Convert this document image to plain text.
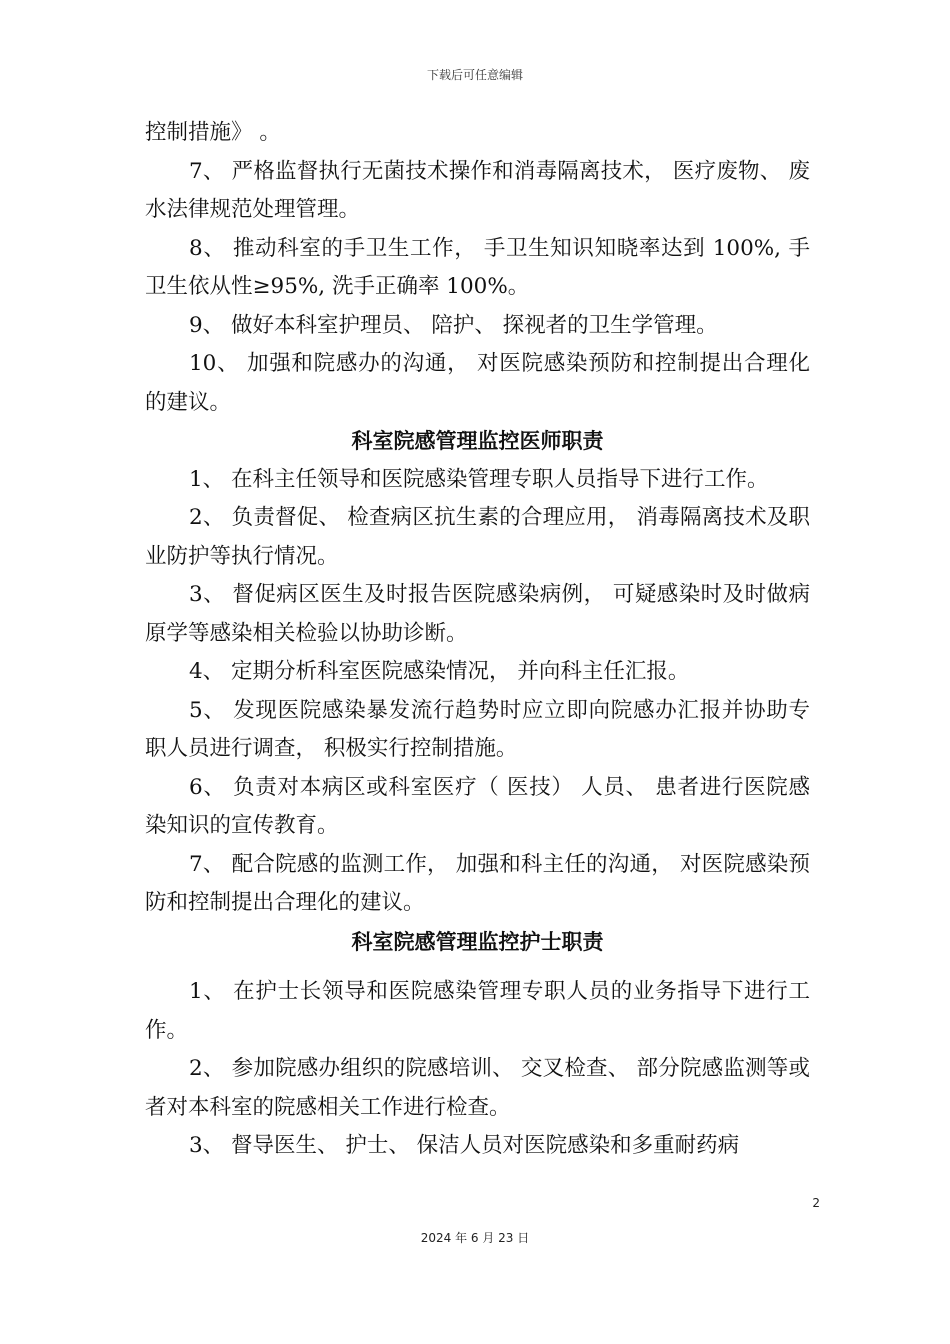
下载后可任意编辑

控制措施》 。

7、 严格监督执行无菌技术操作和消毒隔离技术， 医疗废物、 废水法律规范处理管理。

8、 推动科室的手卫生工作， 手卫生知识知晓率达到 100%, 手卫生依从性≥95%, 洗手正确率 100%。

9、 做好本科室护理员、 陪护、 探视者的卫生学管理。

10、 加强和院感办的沟通， 对医院感染预防和控制提出合理化的建议。

科室院感管理监控医师职责

1、 在科主任领导和医院感染管理专职人员指导下进行工作。

2、 负责督促、 检查病区抗生素的合理应用， 消毒隔离技术及职业防护等执行情况。

3、 督促病区医生及时报告医院感染病例， 可疑感染时及时做病原学等感染相关检验以协助诊断。

4、 定期分析科室医院感染情况， 并向科主任汇报。

5、 发现医院感染暴发流行趋势时应立即向院感办汇报并协助专职人员进行调查， 积极实行控制措施。

6、 负责对本病区或科室医疗（ 医技） 人员、 患者进行医院感染知识的宣传教育。

7、 配合院感的监测工作， 加强和科主任的沟通， 对医院感染预防和控制提出合理化的建议。

科室院感管理监控护士职责

1、 在护士长领导和医院感染管理专职人员的业务指导下进行工作。

2、 参加院感办组织的院感培训、 交叉检查、 部分院感监测等或者对本科室的院感相关工作进行检查。

3、 督导医生、 护士、 保洁人员对医院感染和多重耐药病

2
2024 年 6 月 23 日
